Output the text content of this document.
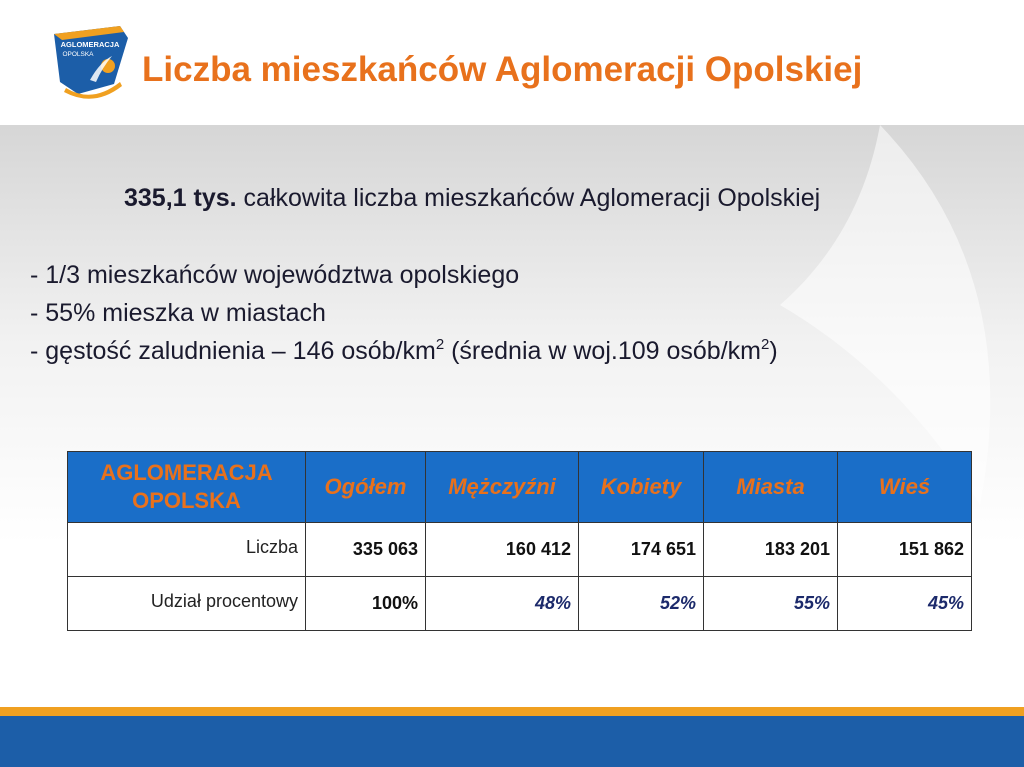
AGLOMERACJA
OPOLSKA Liczba mieszkańców Aglomeracji Opolskiej
335,1 tys. całkowita liczba mieszkańców Aglomeracji Opolskiej
- 1/3 mieszkańców województwa opolskiego
- 55% mieszka w miastach
- gęstość zaludnienia – 146 osób/$km^2$ (średnia w woj.109 osób/$km^2$)
AGLOMERACJA
OPOLSKA	Ogółem	Mężczyźni	Kobiety	Miasta	Wieś
Liczba	335 063	160 412	174 651	183 201	151 862
Udział procentowy	100%	48%	52%	55%	45%
